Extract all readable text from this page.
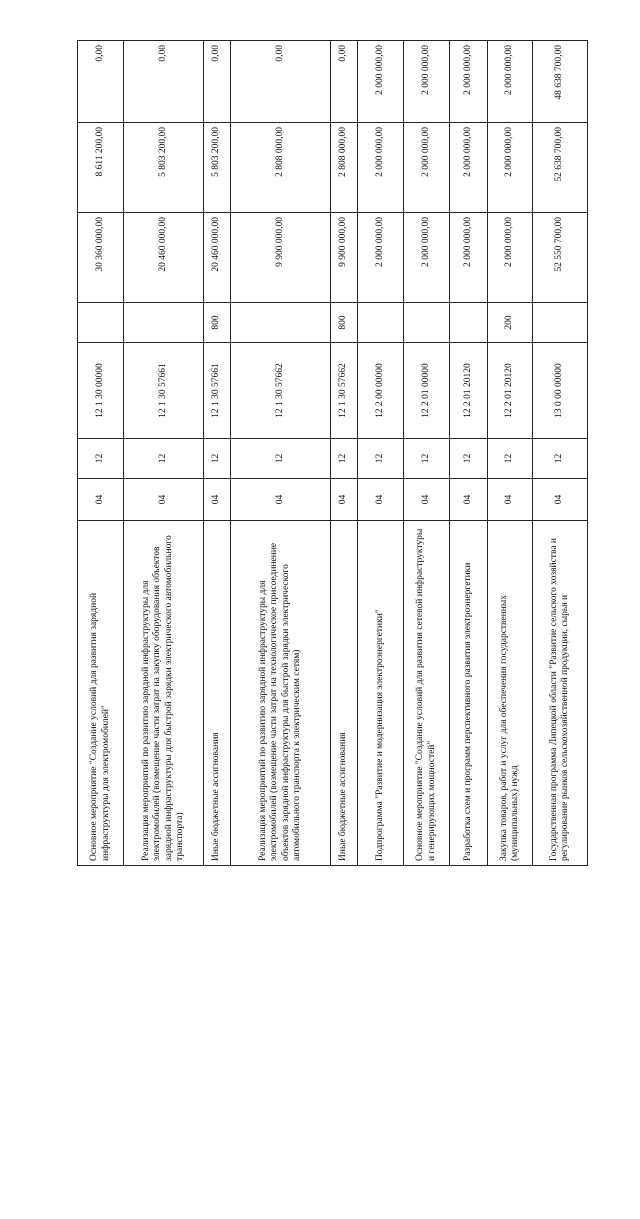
Основное мероприятие "Создание условий для развития зарядной инфраструктуры для электромобилей"	04	12	12 1 30 00000		30 360 000,00	8 611 200,00	0,00
Реализация мероприятий по развитию зарядной инфраструктуры для электромобилей (возмещение части затрат на закупку оборудования объектов зарядной инфраструктуры для быстрой зарядки электрического автомобильного транспорта)	04	12	12 1 30 57661		20 460 000,00	5 803 200,00	0,00
Иные бюджетные ассигнования	04	12	12 1 30 57661	800	20 460 000,00	5 803 200,00	0,00
Реализация мероприятий по развитию зарядной инфраструктуры для электромобилей (возмещение части затрат на технологическое присоединение объектов зарядной инфраструктуры для быстрой зарядки электрического автомобильного транспорта к электрическим сетям)	04	12	12 1 30 57662		9 900 000,00	2 808 000,00	0,00
Иные бюджетные ассигнования	04	12	12 1 30 57662	800	9 900 000,00	2 808 000,00	0,00
Подпрограмма "Развитие и модернизация электроэнергетики"	04	12	12 2 00 00000		2 000 000,00	2 000 000,00	2 000 000,00
Основное мероприятие "Создание условий для развития сетевой инфраструктуры и генерирующих мощностей"	04	12	12 2 01 00000		2 000 000,00	2 000 000,00	2 000 000,00
Разработка схем и программ перспективного развития электроэнергетики	04	12	12 2 01 20120		2 000 000,00	2 000 000,00	2 000 000,00
Закупка товаров, работ и услуг для обеспечения государственных (муниципальных) нужд	04	12	12 2 01 20120	200	2 000 000,00	2 000 000,00	2 000 000,00
Государственная программа Липецкой области "Развитие сельского хозяйства и регулирование рынков сельскохозяйственной продукции, сырья и	04	12	13 0 00 00000		52 550 700,00	52 638 700,00	48 638 700,00
